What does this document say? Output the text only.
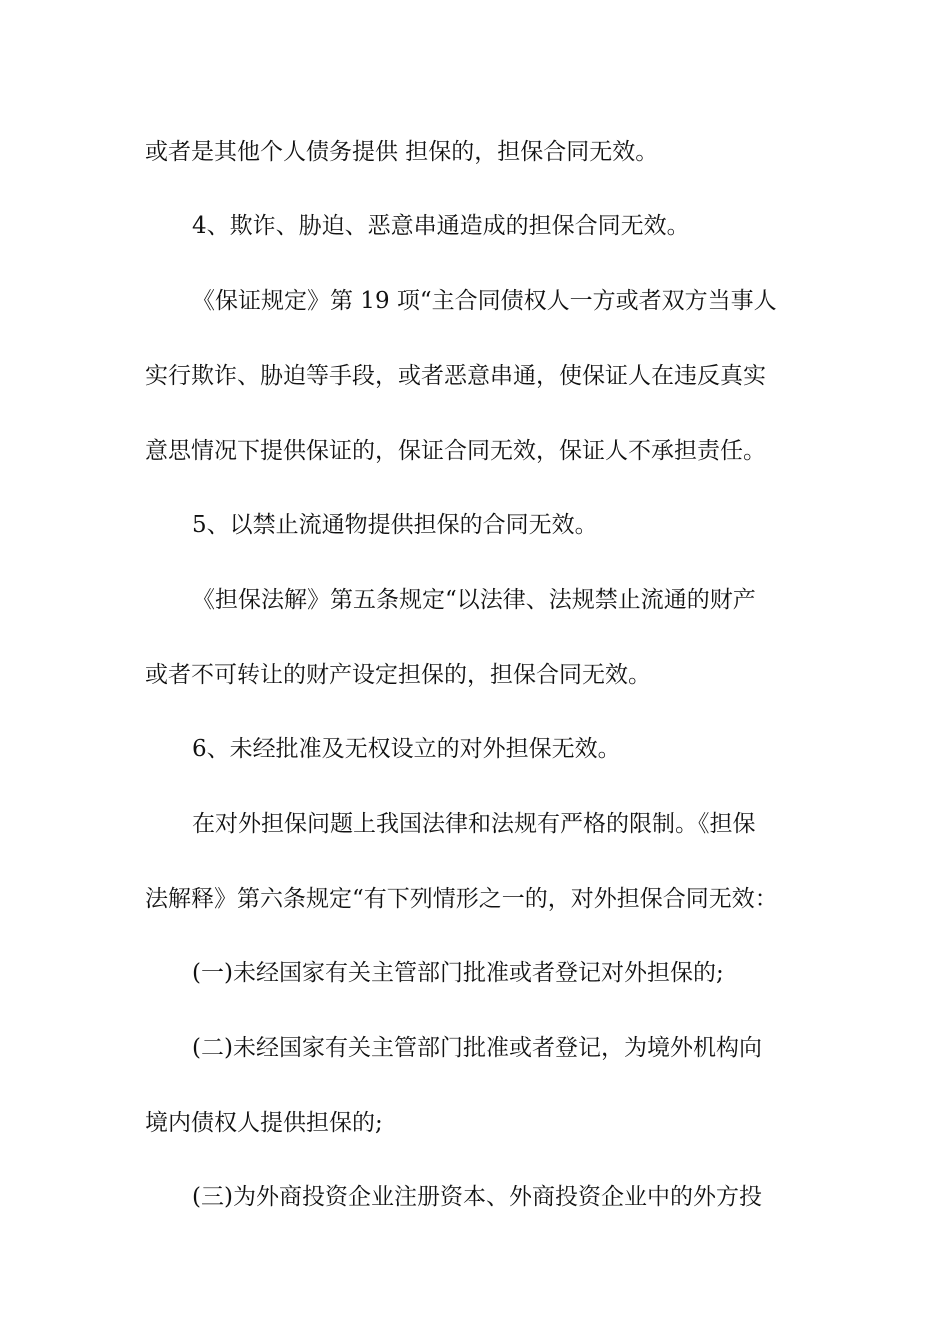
或者是其他个人债务提供 担保的，担保合同无效。
4、欺诈、胁迫、恶意串通造成的担保合同无效。
《保证规定》第 19 项“主合同债权人一方或者双方当事人
实行欺诈、胁迫等手段，或者恶意串通，使保证人在违反真实
意思情况下提供保证的，保证合同无效，保证人不承担责任。
5、以禁止流通物提供担保的合同无效。
《担保法解》第五条规定“以法律、法规禁止流通的财产
或者不可转让的财产设定担保的，担保合同无效。
6、未经批准及无权设立的对外担保无效。
在对外担保问题上我国法律和法规有严格的限制。《担保
法解释》第六条规定“有下列情形之一的，对外担保合同无效：
(一)未经国家有关主管部门批准或者登记对外担保的;
(二)未经国家有关主管部门批准或者登记，为境外机构向
境内债权人提供担保的;
(三)为外商投资企业注册资本、外商投资企业中的外方投
